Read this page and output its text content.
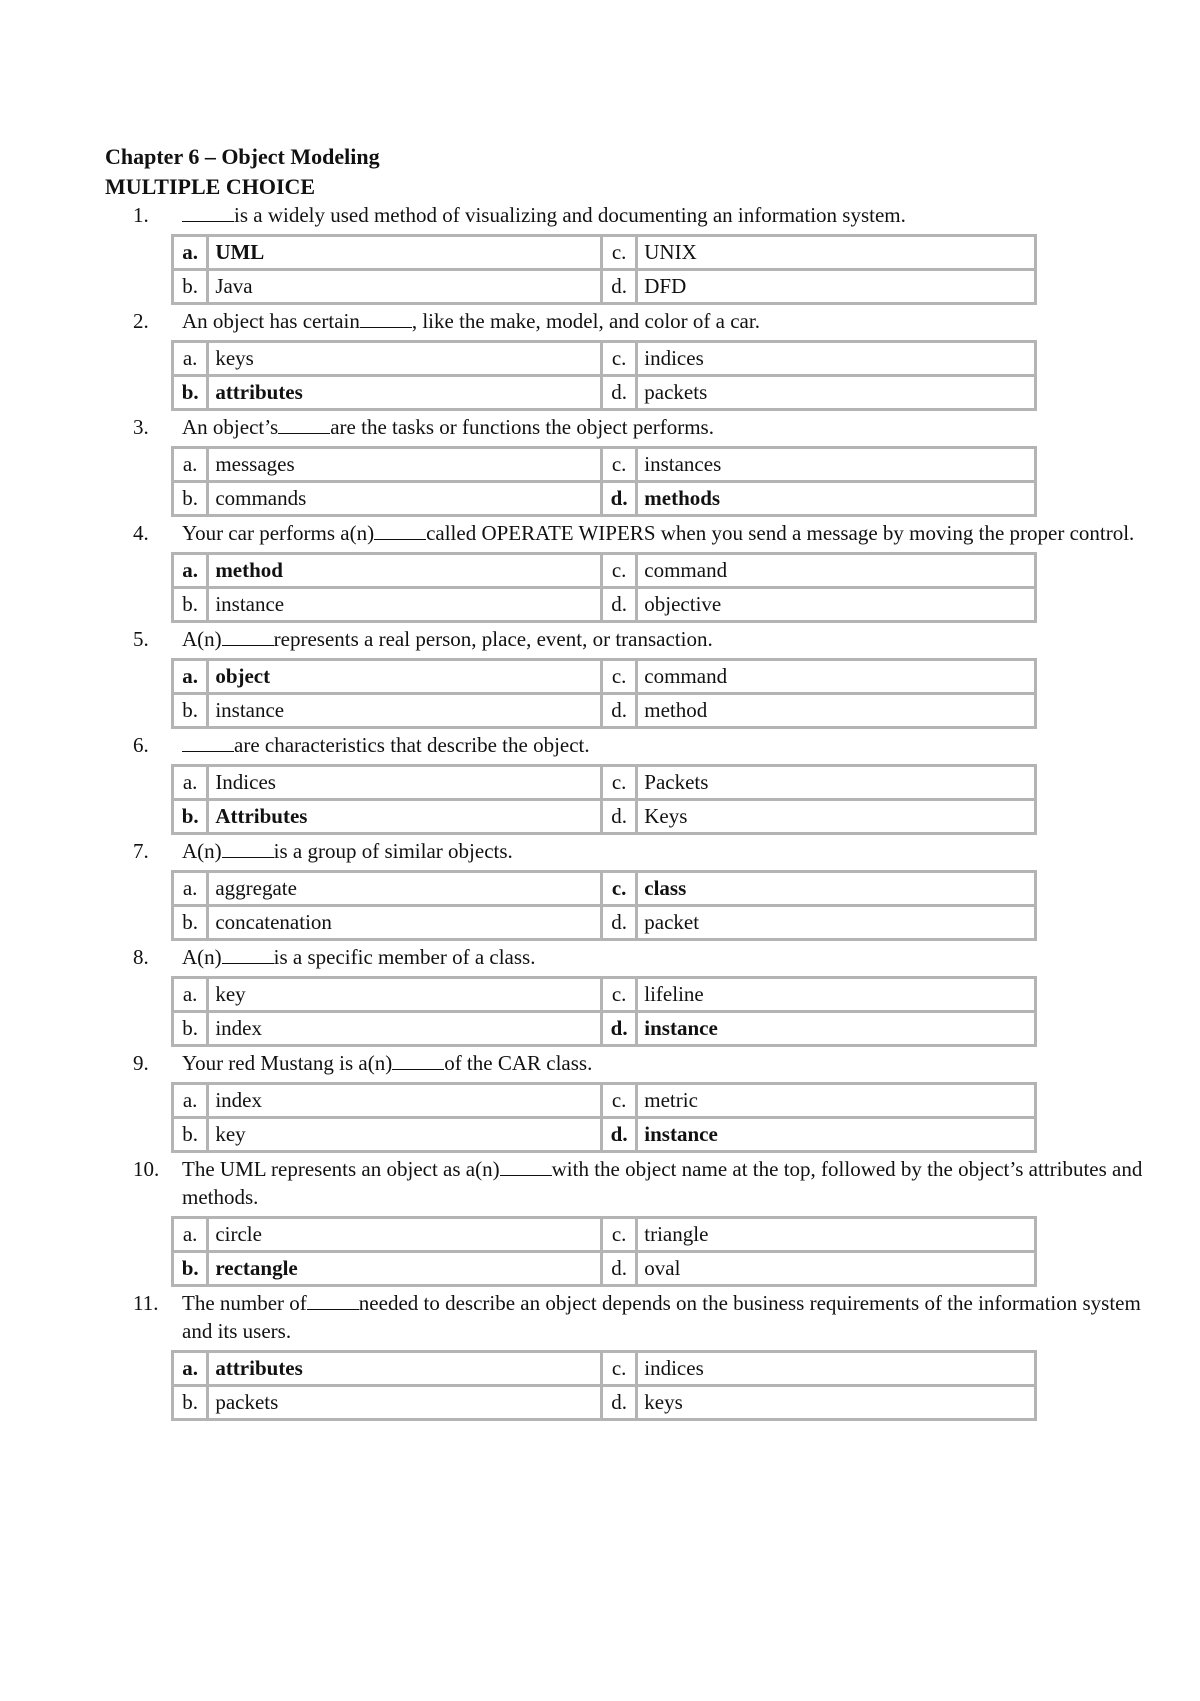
Chapter 6 – Object Modeling
MULTIPLE CHOICE
1.	is a widely used method of visualizing and documenting an information system.
a.	UML	c.	UNIX
b.	Java	d.	DFD
2. An object has certain , like the make, model, and color of a car.
a.	keys	c.	indices
b.	attributes	d.	packets
3. An object’s are the tasks or functions the object performs.
a.	messages	c.	instances
b.	commands	d.	methods
4. Your car performs a(n) called OPERATE WIPERS when you send a message by moving the proper control.
a.	method	c.	command
b.	instance	d.	objective
5. A(n) represents a real person, place, event, or transaction.
a.	object	c.	command
b.	instance	d.	method
6.	are characteristics that describe the object.
a.	Indices	c.	Packets
b.	Attributes	d.	Keys
7. A(n) is a group of similar objects.
a.	aggregate	c.	class
b.	concatenation	d.	packet
8. A(n) is a specific member of a class.
a.	key	c.	lifeline
b.	index	d.	instance
9. Your red Mustang is a(n) of the CAR class.
a.	index	c.	metric
b.	key	d.	instance
10. The UML represents an object as a(n) with the object name at the top, followed by the object’s attributes and methods.
a.	circle	c.	triangle
b.	rectangle	d.	oval
11. The number of needed to describe an object depends on the business requirements of the information system and its users.
a.	attributes	c.	indices
b.	packets	d.	keys
